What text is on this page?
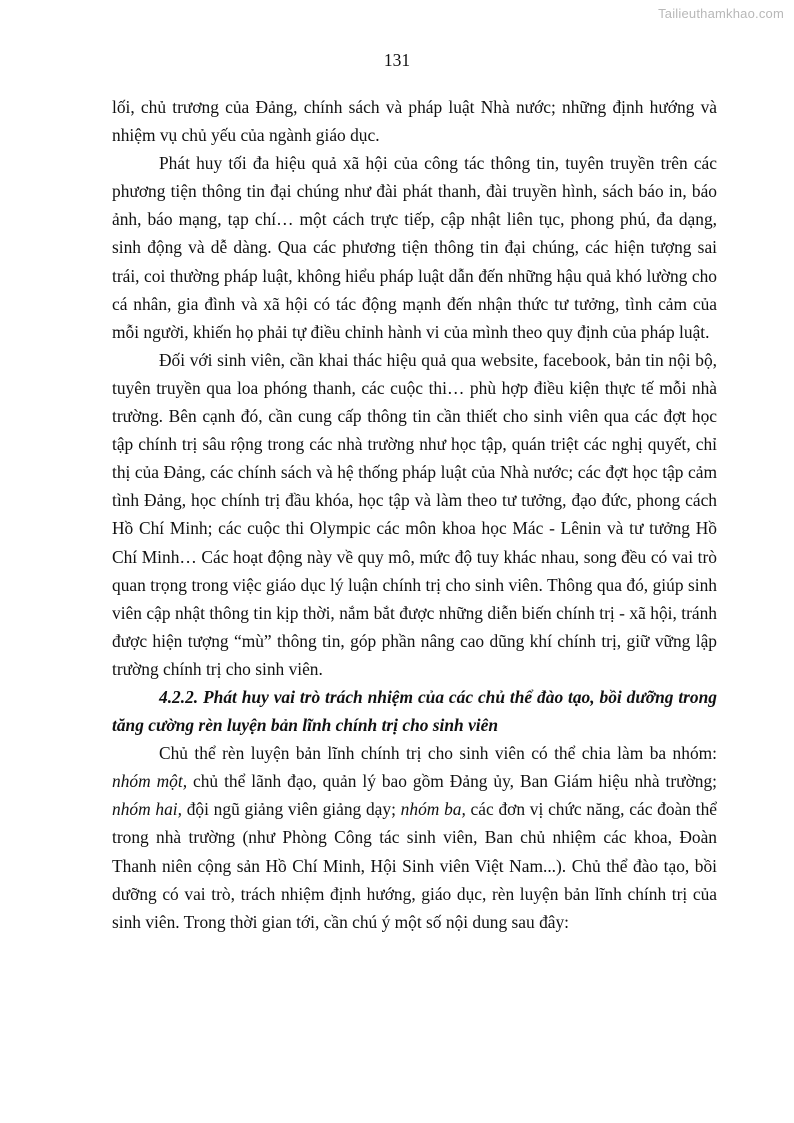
Tailieuthamkhao.com
131

lối, chủ trương của Đảng, chính sách và pháp luật Nhà nước; những định hướng và nhiệm vụ chủ yếu của ngành giáo dục.

Phát huy tối đa hiệu quả xã hội của công tác thông tin, tuyên truyền trên các phương tiện thông tin đại chúng như đài phát thanh, đài truyền hình, sách báo in, báo ảnh, báo mạng, tạp chí… một cách trực tiếp, cập nhật liên tục, phong phú, đa dạng, sinh động và dễ dàng. Qua các phương tiện thông tin đại chúng, các hiện tượng sai trái, coi thường pháp luật, không hiểu pháp luật dẫn đến những hậu quả khó lường cho cá nhân, gia đình và xã hội có tác động mạnh đến nhận thức tư tưởng, tình cảm của mỗi người, khiến họ phải tự điều chỉnh hành vi của mình theo quy định của pháp luật.

Đối với sinh viên, cần khai thác hiệu quả qua website, facebook, bản tin nội bộ, tuyên truyền qua loa phóng thanh, các cuộc thi… phù hợp điều kiện thực tế mỗi nhà trường. Bên cạnh đó, cần cung cấp thông tin cần thiết cho sinh viên qua các đợt học tập chính trị sâu rộng trong các nhà trường như học tập, quán triệt các nghị quyết, chỉ thị của Đảng, các chính sách và hệ thống pháp luật của Nhà nước; các đợt học tập cảm tình Đảng, học chính trị đầu khóa, học tập và làm theo tư tưởng, đạo đức, phong cách Hồ Chí Minh; các cuộc thi Olympic các môn khoa học Mác - Lênin và tư tưởng Hồ Chí Minh… Các hoạt động này về quy mô, mức độ tuy khác nhau, song đều có vai trò quan trọng trong việc giáo dục lý luận chính trị cho sinh viên. Thông qua đó, giúp sinh viên cập nhật thông tin kịp thời, nắm bắt được những diễn biến chính trị - xã hội, tránh được hiện tượng “mù” thông tin, góp phần nâng cao dũng khí chính trị, giữ vững lập trường chính trị cho sinh viên.

4.2.2. Phát huy vai trò trách nhiệm của các chủ thể đào tạo, bồi dưỡng trong tăng cường rèn luyện bản lĩnh chính trị cho sinh viên

Chủ thể rèn luyện bản lĩnh chính trị cho sinh viên có thể chia làm ba nhóm: nhóm một, chủ thể lãnh đạo, quản lý bao gồm Đảng ủy, Ban Giám hiệu nhà trường; nhóm hai, đội ngũ giảng viên giảng dạy; nhóm ba, các đơn vị chức năng, các đoàn thể trong nhà trường (như Phòng Công tác sinh viên, Ban chủ nhiệm các khoa, Đoàn Thanh niên cộng sản Hồ Chí Minh, Hội Sinh viên Việt Nam...). Chủ thể đào tạo, bồi dưỡng có vai trò, trách nhiệm định hướng, giáo dục, rèn luyện bản lĩnh chính trị của sinh viên. Trong thời gian tới, cần chú ý một số nội dung sau đây:
